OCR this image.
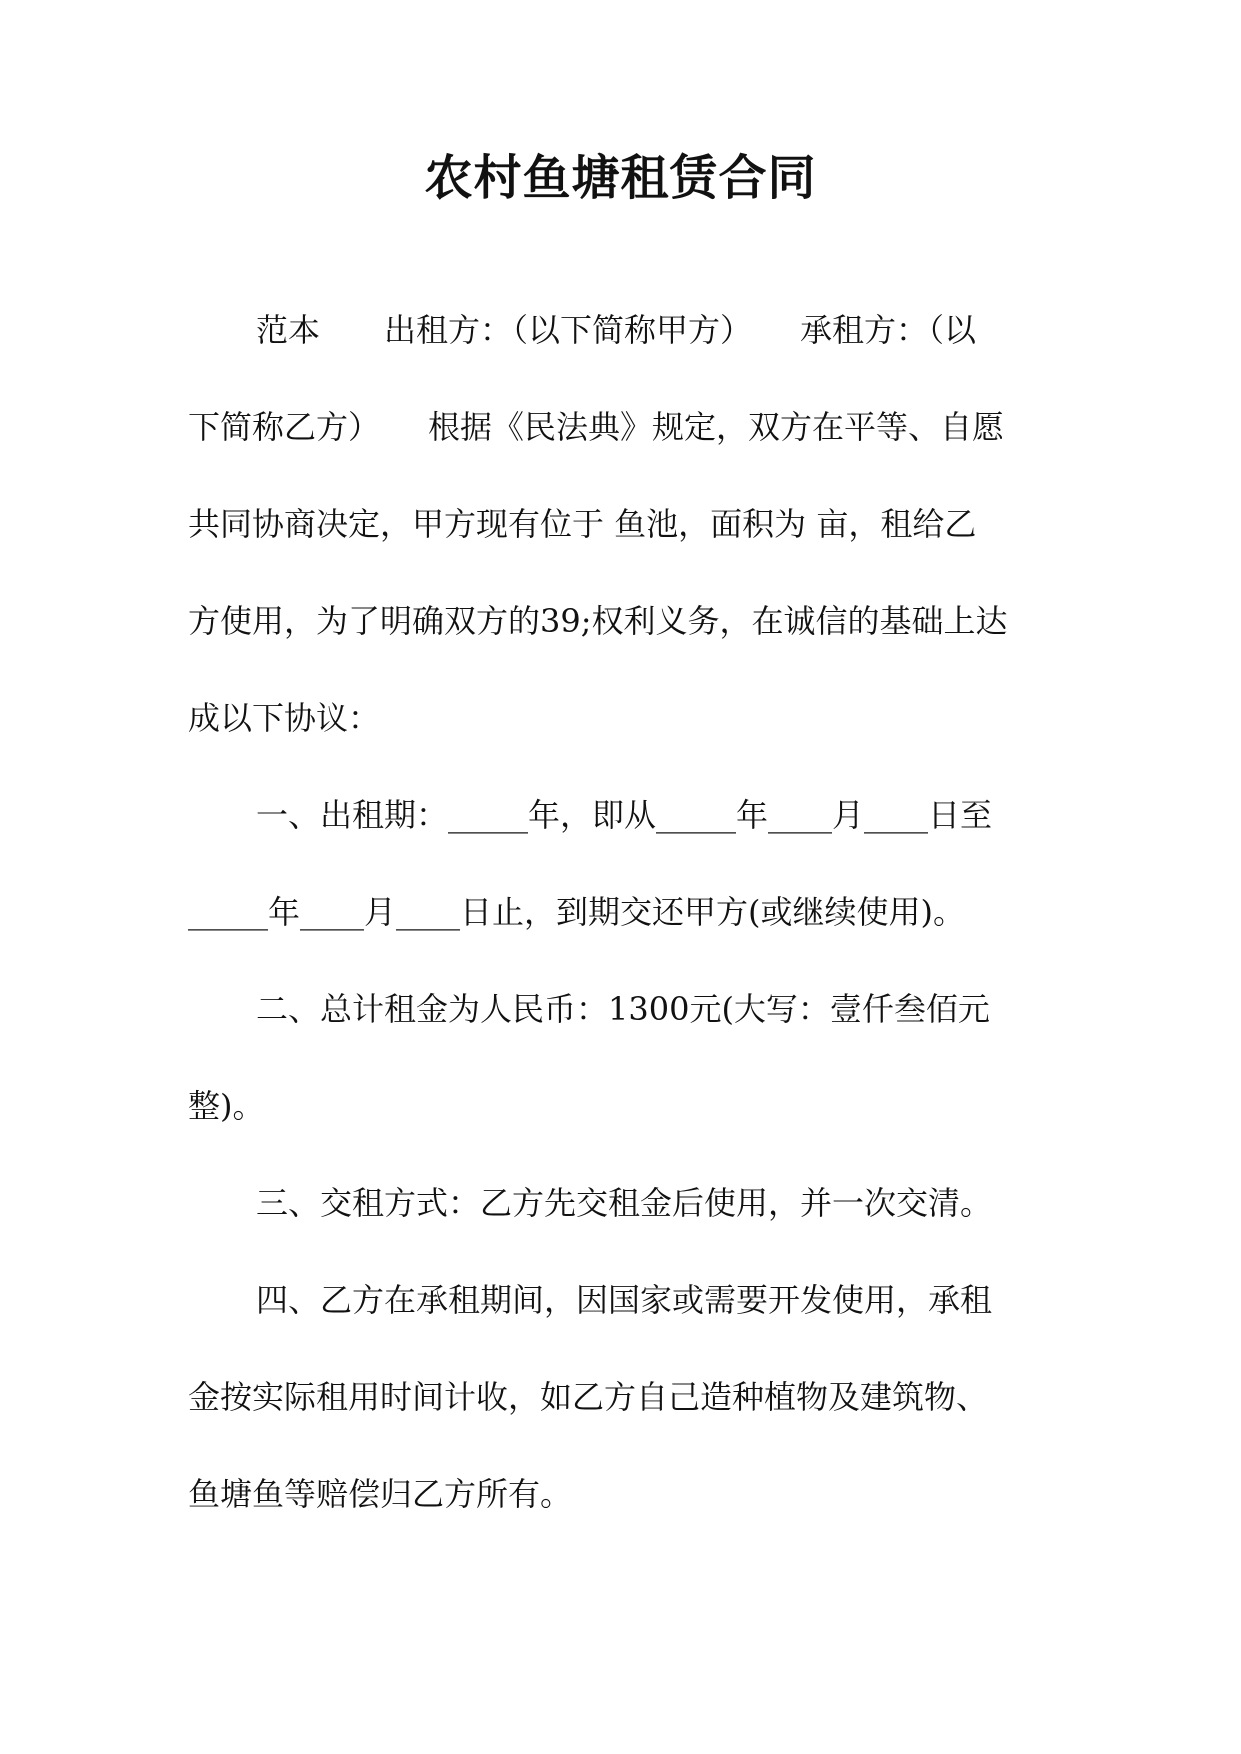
农村鱼塘租赁合同

范本　　出租方：（以下简称甲方）　　承租方：（以

下简称乙方）　　根据《民法典》规定，双方在平等、自愿

共同协商决定，甲方现有位于 鱼池，面积为 亩，租给乙

方使用，为了明确双方的39;权利义务，在诚信的基础上达

成以下协议：

一、出租期：_____年，即从_____年____月____日至

_____年____月____日止，到期交还甲方(或继续使用)。

二、总计租金为人民币：1300元(大写：壹仟叁佰元

整)。

三、交租方式：乙方先交租金后使用，并一次交清。

四、乙方在承租期间，因国家或需要开发使用，承租

金按实际租用时间计收，如乙方自己造种植物及建筑物、

鱼塘鱼等赔偿归乙方所有。
